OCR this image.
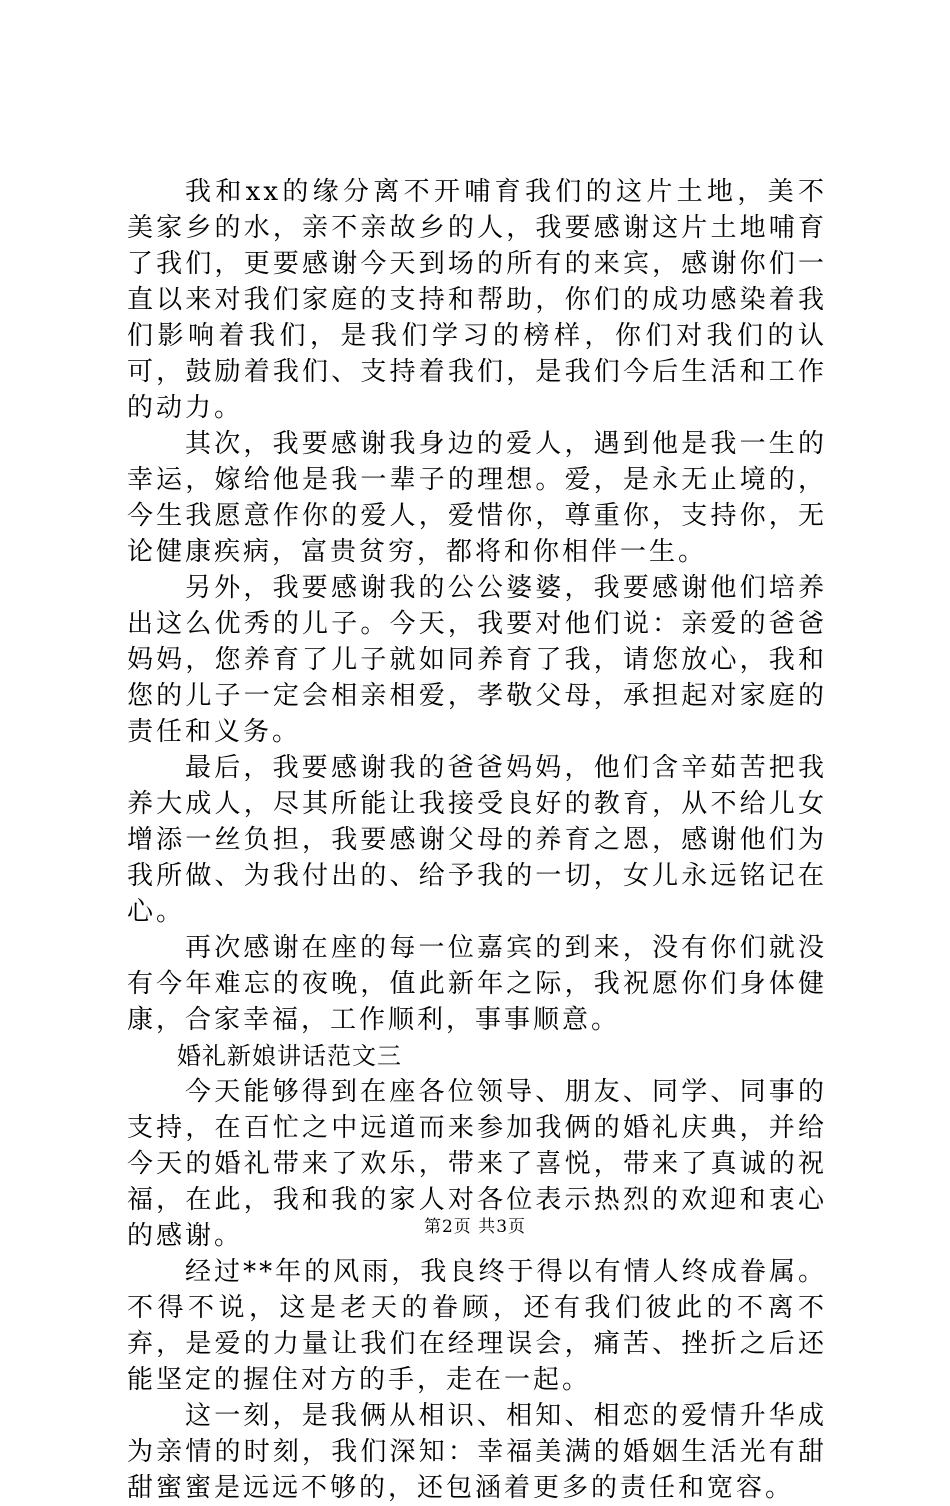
我和xx的缘分离不开哺育我们的这片土地，美不美家乡的水，亲不亲故乡的人，我要感谢这片土地哺育了我们，更要感谢今天到场的所有的来宾，感谢你们一直以来对我们家庭的支持和帮助，你们的成功感染着我们影响着我们，是我们学习的榜样，你们对我们的认可，鼓励着我们、支持着我们，是我们今后生活和工作的动力。

其次，我要感谢我身边的爱人，遇到他是我一生的幸运，嫁给他是我一辈子的理想。爱，是永无止境的，今生我愿意作你的爱人，爱惜你，尊重你，支持你，无论健康疾病，富贵贫穷，都将和你相伴一生。

另外，我要感谢我的公公婆婆，我要感谢他们培养出这么优秀的儿子。今天，我要对他们说：亲爱的爸爸妈妈，您养育了儿子就如同养育了我，请您放心，我和您的儿子一定会相亲相爱，孝敬父母，承担起对家庭的责任和义务。

最后，我要感谢我的爸爸妈妈，他们含辛茹苦把我养大成人，尽其所能让我接受良好的教育，从不给儿女增添一丝负担，我要感谢父母的养育之恩，感谢他们为我所做、为我付出的、给予我的一切，女儿永远铭记在心。

再次感谢在座的每一位嘉宾的到来，没有你们就没有今年难忘的夜晚，值此新年之际，我祝愿你们身体健康，合家幸福，工作顺利，事事顺意。

婚礼新娘讲话范文三

今天能够得到在座各位领导、朋友、同学、同事的支持，在百忙之中远道而来参加我俩的婚礼庆典，并给今天的婚礼带来了欢乐，带来了喜悦，带来了真诚的祝福，在此，我和我的家人对各位表示热烈的欢迎和衷心的感谢。

经过**年的风雨，我良终于得以有情人终成眷属。不得不说，这是老天的眷顾，还有我们彼此的不离不弃，是爱的力量让我们在经理误会，痛苦、挫折之后还能坚定的握住对方的手，走在一起。

这一刻，是我俩从相识、相知、相恋的爱情升华成为亲情的时刻，我们深知：幸福美满的婚姻生活光有甜甜蜜蜜是远远不够的，还包涵着更多的责任和宽容。

第2页 共3页
